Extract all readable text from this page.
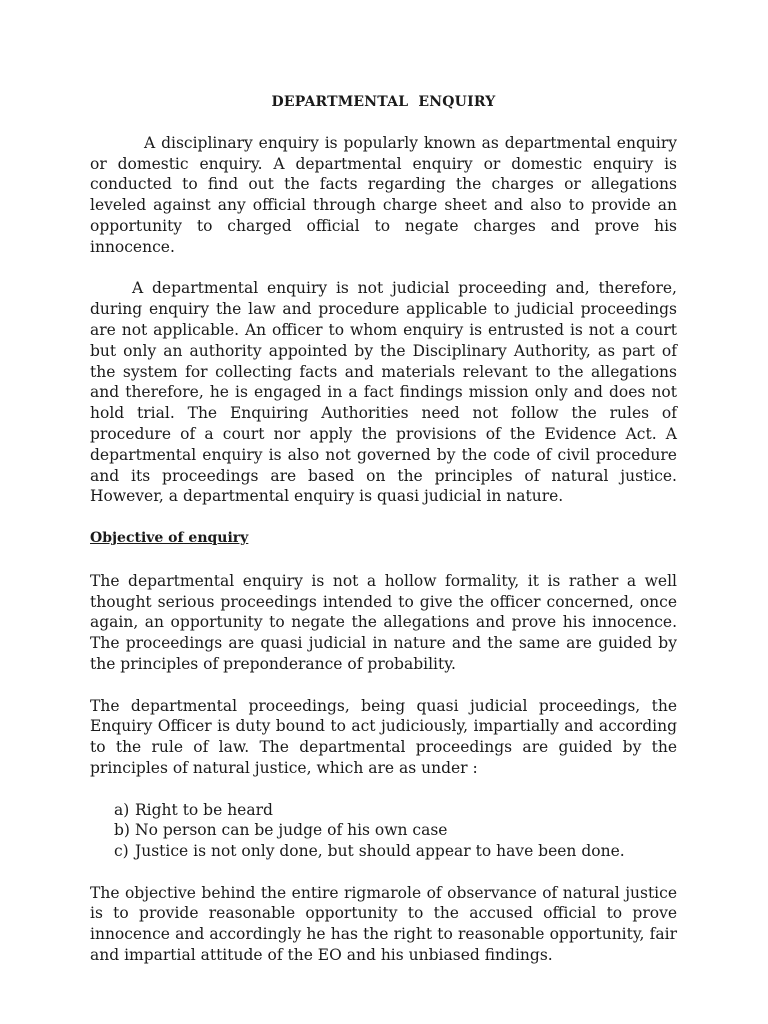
DEPARTMENTAL  ENQUIRY

A disciplinary enquiry is popularly known as departmental enquiry or domestic enquiry. A departmental enquiry or domestic enquiry is conducted to find out the facts regarding the charges or allegations leveled against any official through charge sheet and also to provide an opportunity to charged official to negate charges and prove his innocence.

A departmental enquiry is not judicial proceeding and, therefore, during enquiry the law and procedure applicable to judicial proceedings are not applicable. An officer to whom enquiry is entrusted is not a court but only an authority appointed by the Disciplinary Authority, as part of the system for collecting facts and materials relevant to the allegations and therefore, he is engaged in a fact findings mission only and does not hold trial. The Enquiring Authorities need not follow the rules of procedure of a court nor apply the provisions of the Evidence Act. A departmental enquiry is also not governed by the code of civil procedure and its proceedings are based on the principles of natural justice. However, a departmental enquiry is quasi judicial in nature.

Objective of enquiry

The departmental enquiry is not a hollow formality, it is rather a well thought serious proceedings intended to give the officer concerned, once again, an opportunity to negate the allegations and prove his innocence. The proceedings are quasi judicial in nature and the same are guided by the principles of preponderance of probability.

The departmental proceedings, being quasi judicial proceedings, the Enquiry Officer is duty bound to act judiciously, impartially and according to the rule of law. The departmental proceedings are guided by the principles of natural justice, which are as under :

a) Right to be heard
b) No person can be judge of his own case
c) Justice is not only done, but should appear to have been done.

The objective behind the entire rigmarole of observance of natural justice is to provide reasonable opportunity to the accused official to prove innocence and accordingly he has the right to reasonable opportunity, fair and impartial attitude of the EO and his unbiased findings.
